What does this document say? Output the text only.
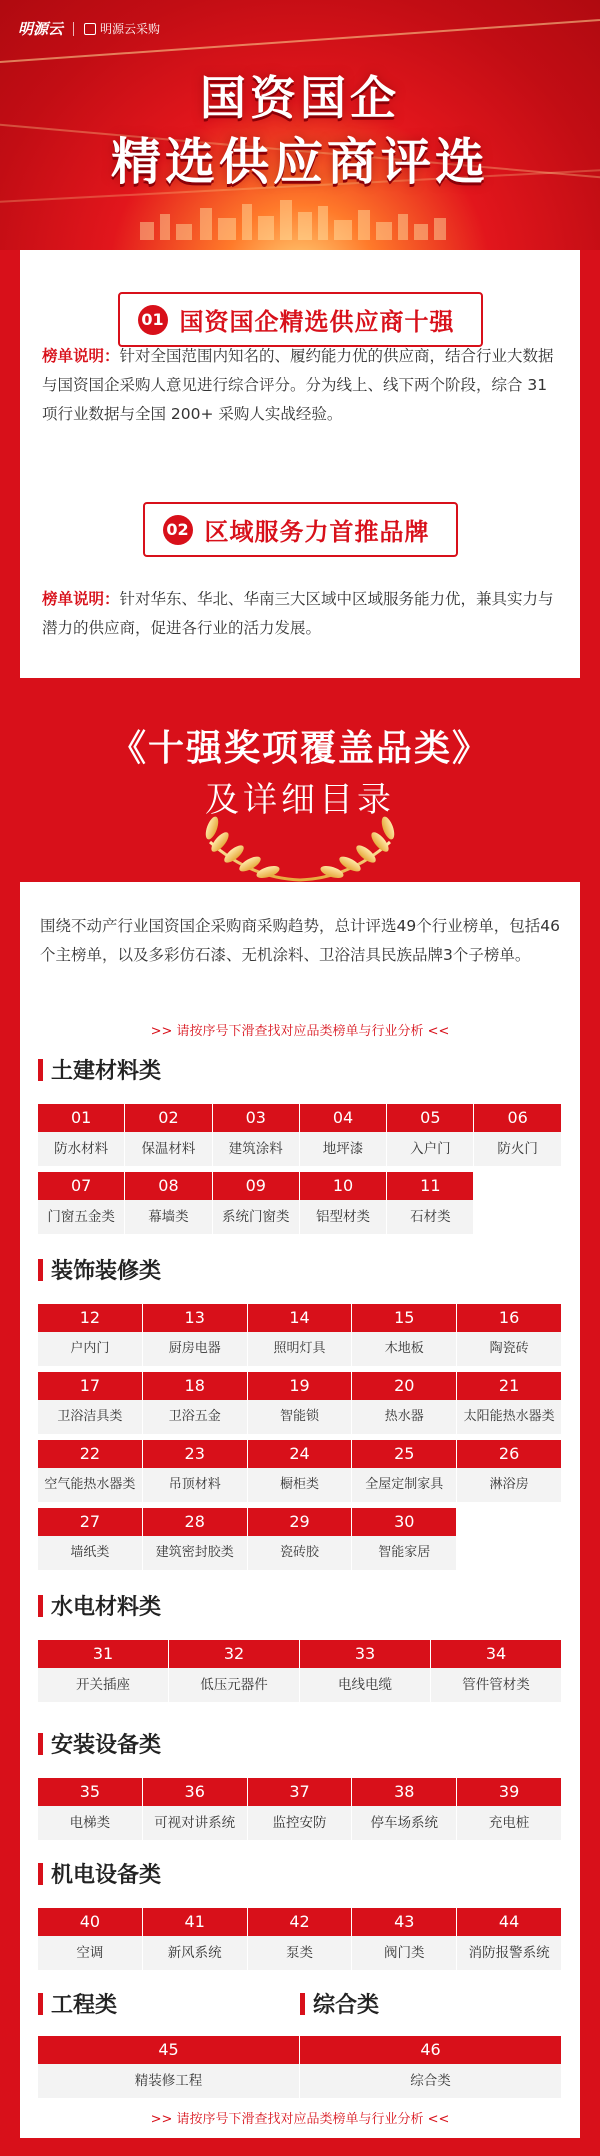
明源云	明源云采购
国资国企
精选供应商评选
01 国资国企精选供应商十强
榜单说明：针对全国范围内知名的、履约能力优的供应商，结合行业大数据与国资国企采购人意见进行综合评分。分为线上、线下两个阶段，综合 31 项行业数据与全国 200+ 采购人实战经验。
02 区域服务力首推品牌
榜单说明：针对华东、华北、华南三大区域中区域服务能力优，兼具实力与潜力的供应商，促进各行业的活力发展。
《十强奖项覆盖品类》
及详细目录
围绕不动产行业国资国企采购商采购趋势，总计评选49个行业榜单，包括46个主榜单，以及多彩仿石漆、无机涂料、卫浴洁具民族品牌3个子榜单。
>> 请按序号下滑查找对应品类榜单与行业分析 <<
土建材料类
01
防水材料
02
保温材料
03
建筑涂料
04
地坪漆
05
入户门
06
防火门
07
门窗五金类
08
幕墙类
09
系统门窗类
10
铝型材类
11
石材类
装饰装修类
12
户内门
13
厨房电器
14
照明灯具
15
木地板
16
陶瓷砖
17
卫浴洁具类
18
卫浴五金
19
智能锁
20
热水器
21
太阳能热水器类
22
空气能热水器类
23
吊顶材料
24
橱柜类
25
全屋定制家具
26
淋浴房
27
墙纸类
28
建筑密封胶类
29
瓷砖胶
30
智能家居
水电材料类
31
开关插座
32
低压元器件
33
电线电缆
34
管件管材类
安装设备类
35
电梯类
36
可视对讲系统
37
监控安防
38
停车场系统
39
充电桩
机电设备类
40
空调
41
新风系统
42
泵类
43
阀门类
44
消防报警系统
工程类	综合类
45
精装修工程
46
综合类
>> 请按序号下滑查找对应品类榜单与行业分析 <<
